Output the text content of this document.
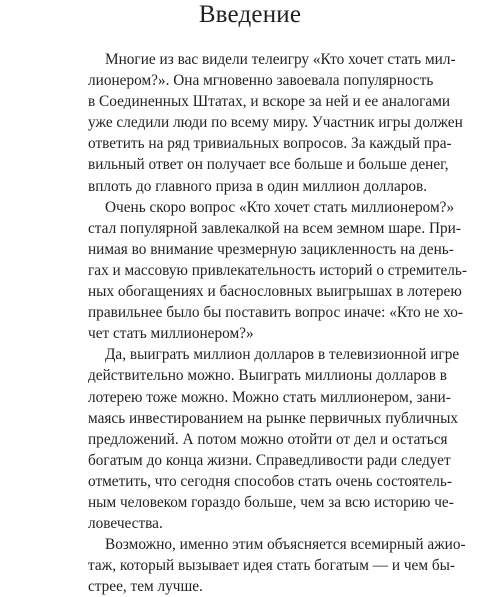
Введение
Многие из вас видели телеигру «Кто хочет стать мил-
лионером?». Она мгновенно завоевала популярность
в Соединенных Штатах, и вскоре за ней и ее аналогами
уже следили люди по всему миру. Участник игры должен
ответить на ряд тривиальных вопросов. За каждый пра-
вильный ответ он получает все больше и больше денег,
вплоть до главного приза в один миллион долларов.
Очень скоро вопрос «Кто хочет стать миллионером?»
стал популярной завлекалкой на всем земном шаре. При-
нимая во внимание чрезмерную зацикленность на день-
гах и массовую привлекательность историй о стремитель-
ных обогащениях и баснословных выигрышах в лотерею
правильнее было бы поставить вопрос иначе: «Кто не хо-
чет стать миллионером?»
Да, выиграть миллион долларов в телевизионной игре
действительно можно. Выиграть миллионы долларов в
лотерею тоже можно. Можно стать миллионером, зани-
маясь инвестированием на рынке первичных публичных
предложений. А потом можно отойти от дел и остаться
богатым до конца жизни. Справедливости ради следует
отметить, что сегодня способов стать очень состоятель-
ным человеком гораздо больше, чем за всю историю че-
ловечества.
Возможно, именно этим объясняется всемирный ажио-
таж, который вызывает идея стать богатым — и чем бы-
стрее, тем лучше.
